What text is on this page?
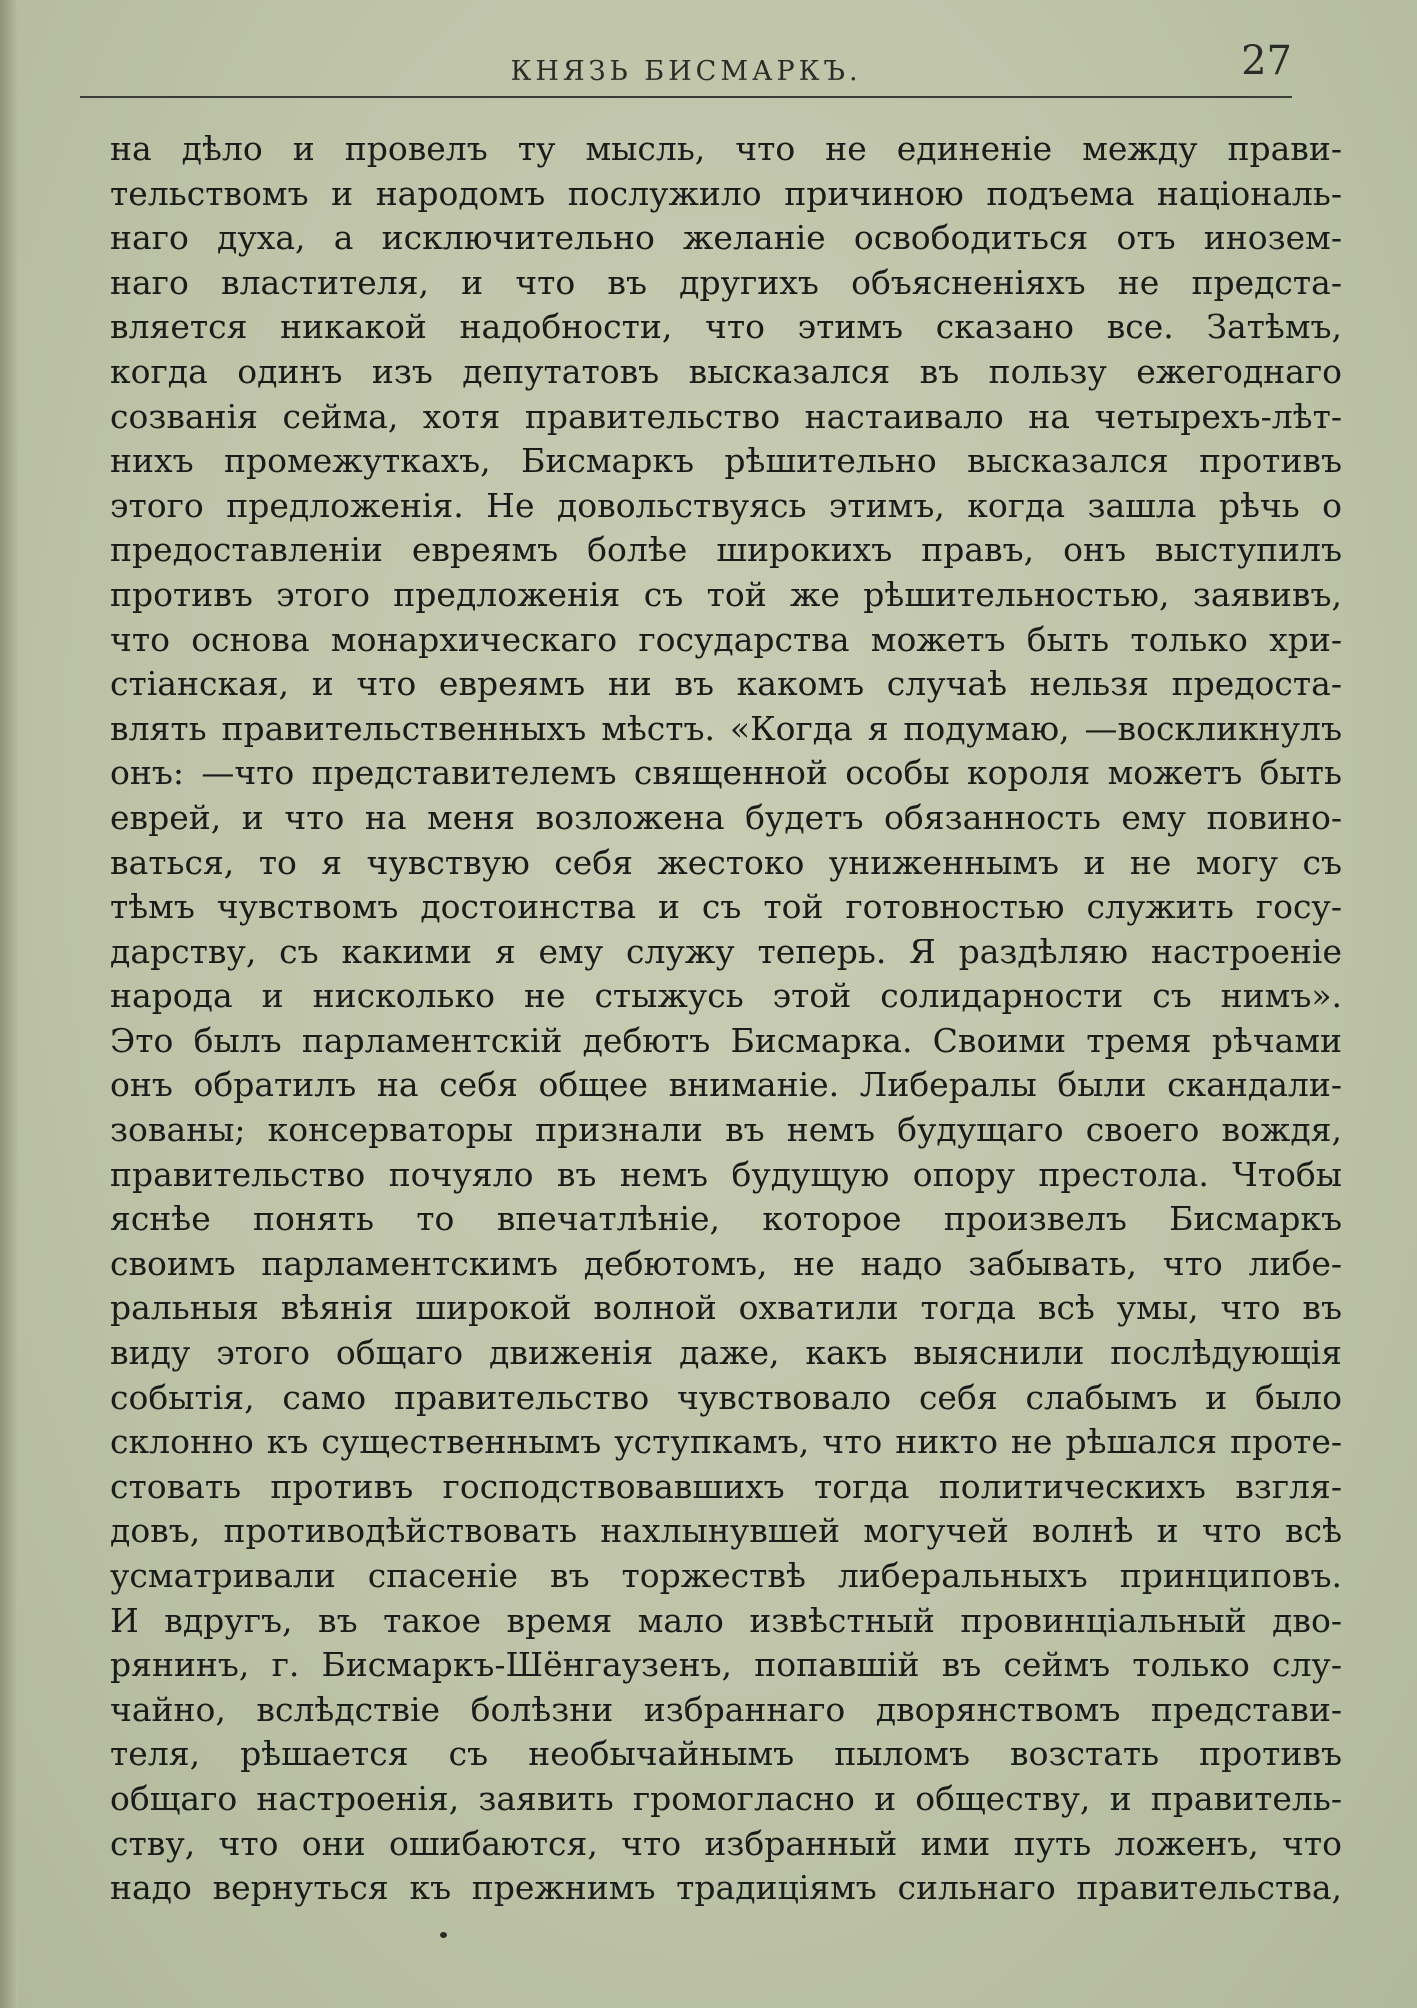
КНЯЗЬ БИСМАРКЪ.	27
на дѣло и провелъ ту мысль, что не единеніе между прави-
тельствомъ и народомъ послужило причиною подъема національ-
наго духа, а исключительно желаніе освободиться отъ инозем-
наго властителя, и что въ другихъ объясненіяхъ не предста-
вляется никакой надобности, что этимъ сказано все. Затѣмъ,
когда одинъ изъ депутатовъ высказался въ пользу ежегоднаго
созванія сейма, хотя правительство настаивало на четырехъ-лѣт-
нихъ промежуткахъ, Бисмаркъ рѣшительно высказался противъ
этого предложенія. Не довольствуясь этимъ, когда зашла рѣчь о
предоставленіи евреямъ болѣе широкихъ правъ, онъ выступилъ
противъ этого предложенія съ той же рѣшительностью, заявивъ,
что основа монархическаго государства можетъ быть только хри-
стіанская, и что евреямъ ни въ какомъ случаѣ нельзя предоста-
влять правительственныхъ мѣстъ. «Когда я подумаю, —воскликнулъ
онъ: —что представителемъ священной особы короля можетъ быть
еврей, и что на меня возложена будетъ обязанность ему повино-
ваться, то я чувствую себя жестоко униженнымъ и не могу съ
тѣмъ чувствомъ достоинства и съ той готовностью служить госу-
дарству, съ какими я ему служу теперь. Я раздѣляю настроеніе
народа и нисколько не стыжусь этой солидарности съ нимъ».
Это былъ парламентскій дебютъ Бисмарка. Своими тремя рѣчами
онъ обратилъ на себя общее вниманіе. Либералы были скандали-
зованы; консерваторы признали въ немъ будущаго своего вождя,
правительство почуяло въ немъ будущую опору престола. Чтобы
яснѣе понять то впечатлѣніе, которое произвелъ Бисмаркъ
своимъ парламентскимъ дебютомъ, не надо забывать, что либе-
ральныя вѣянія широкой волной охватили тогда всѣ умы, что въ
виду этого общаго движенія даже, какъ выяснили послѣдующія
событія, само правительство чувствовало себя слабымъ и было
склонно къ существеннымъ уступкамъ, что никто не рѣшался проте-
стовать противъ господствовавшихъ тогда политическихъ взгля-
довъ, противодѣйствовать нахлынувшей могучей волнѣ и что всѣ
усматривали спасеніе въ торжествѣ либеральныхъ принциповъ.
И вдругъ, въ такое время мало извѣстный провинціальный дво-
рянинъ, г. Бисмаркъ-Шёнгаузенъ, попавшій въ сеймъ только слу-
чайно, вслѣдствіе болѣзни избраннаго дворянствомъ представи-
теля, рѣшается съ необычайнымъ пыломъ возстать противъ
общаго настроенія, заявить громогласно и обществу, и правитель-
ству, что они ошибаются, что избранный ими путь ложенъ, что
надо вернуться къ прежнимъ традиціямъ сильнаго правительства,
